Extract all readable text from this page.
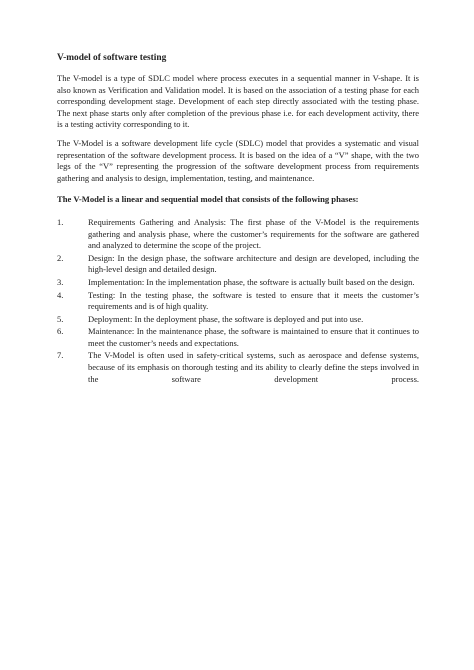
V-model of software testing

The V-model is a type of SDLC model where process executes in a sequential manner in V-shape. It is also known as Verification and Validation model. It is based on the association of a testing phase for each corresponding development stage. Development of each step directly associated with the testing phase. The next phase starts only after completion of the previous phase i.e. for each development activity, there is a testing activity corresponding to it.

The V-Model is a software development life cycle (SDLC) model that provides a systematic and visual representation of the software development process. It is based on the idea of a “V” shape, with the two legs of the “V” representing the progression of the software development process from requirements gathering and analysis to design, implementation, testing, and maintenance.

The V-Model is a linear and sequential model that consists of the following phases:
1.	Requirements Gathering and Analysis: The first phase of the V-Model is the requirements gathering and analysis phase, where the customer’s requirements for the software are gathered and analyzed to determine the scope of the project.
2.	Design: In the design phase, the software architecture and design are developed, including the high-level design and detailed design.
3.	Implementation: In the implementation phase, the software is actually built based on the design.
4.	Testing: In the testing phase, the software is tested to ensure that it meets the customer’s requirements and is of high quality.
5.	Deployment: In the deployment phase, the software is deployed and put into use.
6.	Maintenance: In the maintenance phase, the software is maintained to ensure that it continues to meet the customer’s needs and expectations.
7.	The V-Model is often used in safety-critical systems, such as aerospace and defense systems, because of its emphasis on thorough testing and its ability to clearly define the steps involved in the software development process.
